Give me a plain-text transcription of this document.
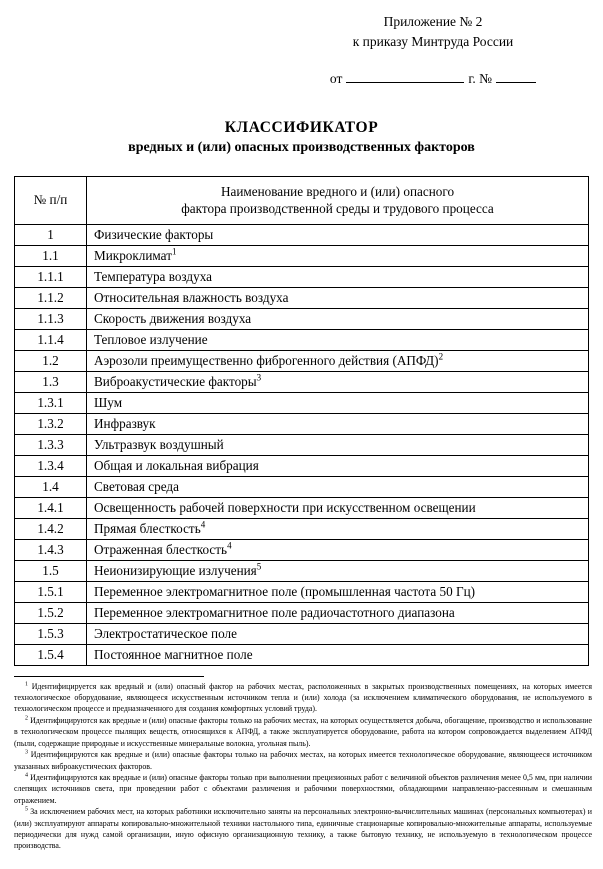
Приложение № 2
к приказу Минтруда России
от	г. №
КЛАССИФИКАТОР
вредных и (или) опасных производственных факторов
№ п/п	Наименование вредного и (или) опасного
фактора производственной среды и трудового процесса

1	Физические факторы
1.1	Микроклимат$^1$
1.1.1	Температура воздуха
1.1.2	Относительная влажность воздуха
1.1.3	Скорость движения воздуха
1.1.4	Тепловое излучение
1.2	Аэрозоли преимущественно фиброгенного действия (АПФД)$^2$
1.3	Виброакустические факторы$^3$
1.3.1	Шум
1.3.2	Инфразвук
1.3.3	Ультразвук воздушный
1.3.4	Общая и локальная вибрация
1.4	Световая среда
1.4.1	Освещенность рабочей поверхности при искусственном освещении
1.4.2	Прямая блесткость$^4$
1.4.3	Отраженная блесткость$^4$
1.5	Неионизирующие излучения$^5$
1.5.1	Переменное электромагнитное поле (промышленная частота 50 Гц)
1.5.2	Переменное электромагнитное поле радиочастотного диапазона
1.5.3	Электростатическое поле
1.5.4	Постоянное магнитное поле

$^1$ Идентифицируется как вредный и (или) опасный фактор на рабочих местах, расположенных в закрытых производственных помещениях, на которых имеется технологическое оборудование, являющееся искусственным источником тепла и (или) холода (за исключением климатического оборудования, не используемого в технологическом процессе и предназначенного для создания комфортных условий труда).

$^2$ Идентифицируются как вредные и (или) опасные факторы только на рабочих местах, на которых осуществляется добыча, обогащение, производство и использование в технологическом процессе пылящих веществ, относящихся к АПФД, а также эксплуатируется оборудование, работа на котором сопровождается выделением АПФД (пыли, содержащие природные и искусственные минеральные волокна, угольная пыль).

$^3$ Идентифицируются как вредные и (или) опасные факторы только на рабочих местах, на которых имеется технологическое оборудование, являющееся источником указанных виброакустических факторов.

$^4$ Идентифицируются как вредные и (или) опасные факторы только при выполнении прецизионных работ с величиной объектов различения менее 0,5 мм, при наличии слепящих источников света, при проведении работ с объектами различения и рабочими поверхностями, обладающими направленно-рассеянным и смешанным отражением.

$^5$ За исключением рабочих мест, на которых работники исключительно заняты на персональных электронно-вычислительных машинах (персональных компьютерах) и (или) эксплуатируют аппараты копировально-множительной техники настольного типа, единичные стационарные копировально-множительные аппараты, используемые периодически для нужд самой организации, иную офисную организационную технику, а также бытовую технику, не используемую в технологическом процессе производства.
